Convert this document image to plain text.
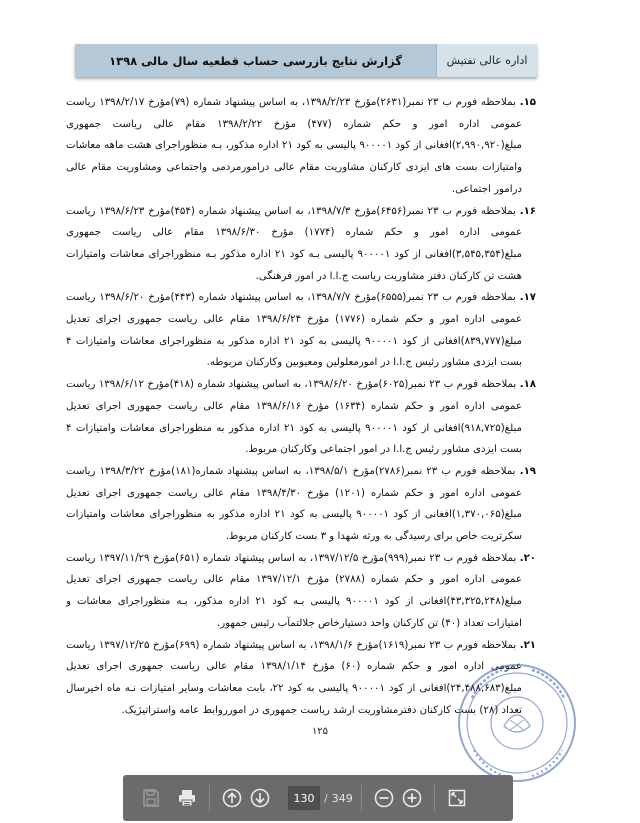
اداره عالی تفتیش
گزارش نتایج بازرسی حساب قطعیه سال مالی ۱۳۹۸

۱۵. بملاحظه فورم ب ۲۳ نمبر(۲۶۳۱)مؤرخ ۱۳۹۸/۲/۲۳، به اساس پیشنهاد شماره (۷۹)مؤرخ ۱۳۹۸/۲/۱۷ ریاست عمومی اداره امور و حکم شماره (۴۷۷) مؤرخ ۱۳۹۸/۲/۲۲ مقام عالی ریاست جمهوری مبلغ(۲,۹۹۰,۹۲۰)افغانی از کود ۹۰۰۰۰۱ پالیسی به کود ۲۱ اداره مذکور، بـه منظوراجرای هشت ماهه معاشات وامتیازات بست های ایزدی کارکنان مشاوریت مقام عالی درامورمردمی واجتماعی ومشاوریت مقام عالی درامور اجتماعی.

۱۶. بملاحظه فورم ب ۲۳ نمبر(۶۴۵۶)مؤرخ ۱۳۹۸/۷/۳، به اساس پیشنهاد شماره (۴۵۴)مؤرخ ۱۳۹۸/۶/۲۳ ریاست عمومی اداره امور و حکم شماره (۱۷۷۴) مؤرخ ۱۳۹۸/۶/۳۰ مقام عالی ریاست جمهوری مبلغ(۳,۵۴۵,۳۵۴)افغانی از کود ۹۰۰۰۰۱ پالیسی بـه کود ۲۱ اداره مذکور بـه منظوراجرای معاشات وامتیازات هشت تن کارکنان دفتر مشاوریت ریاست ج.ا.ا در امور فرهنگی.

۱۷. بملاحظه فورم ب ۲۳ نمبر(۶۵۵۵)مؤرخ ۱۳۹۸/۷/۷، به اساس پیشنهاد شماره (۴۴۳)مؤرخ ۱۳۹۸/۶/۲۰ ریاست عمومی اداره امور و حکم شماره (۱۷۷۶) مؤرخ ۱۳۹۸/۶/۲۴ مقام عالی ریاست جمهوری اجرای تعدیل مبلغ(۸۳۹,۷۷۷)افغانی از کود ۹۰۰۰۰۱ پالیسی به کود ۲۱ اداره مذکور به منظوراجرای معاشات وامتیازات ۴ بست ایزدی مشاور رئیس ج.ا.ا در امورمعلولین ومعیوبین وکارکنان مربوطه.

۱۸. بملاحظه فورم ب ۲۳ نمبر(۶۰۲۵)مؤرخ ۱۳۹۸/۶/۲۰، به اساس پیشنهاد شماره (۴۱۸)مؤرخ ۱۳۹۸/۶/۱۲ ریاست عمومی اداره امور و حکم شماره (۱۶۳۴) مؤرخ ۱۳۹۸/۶/۱۶ مقام عالی ریاست جمهوری اجرای تعدیل مبلغ(۹۱۸,۷۲۵)افغانی از کود ۹۰۰۰۰۱ پالیسی به کود ۲۱ اداره مذکور به منظوراجرای معاشات وامتیازات ۴ بست ایزدی مشاور رئیس ج.ا.ا در امور اجتماعی وکارکنان مربوط.

۱۹. بملاحظه فورم ب ۲۳ نمبر(۲۷۸۶)مؤرخ ۱۳۹۸/۵/۱، به اساس پیشنهاد شماره(۱۸۱)مؤرخ ۱۳۹۸/۳/۲۲ ریاست عمومی اداره امور و حکم شماره (۱۲۰۱) مؤرخ ۱۳۹۸/۴/۳۰ مقام عالی ریاست جمهوری اجرای تعدیل مبلغ(۱,۳۷۰,۰۶۵)افغانی از کود ۹۰۰۰۰۱ پالیسی به کود ۲۱ اداره مذکور به منظوراجرای معاشات وامتیازات سکرتریت خاص برای رسیدگی به ورثه شهدا و ۳ بست کارکنان مربوط.

۲۰. بملاحظه فورم ب ۲۳ نمبر(۹۹۹)مؤرخ ۱۳۹۷/۱۲/۵، به اساس پیشنهاد شماره (۶۵۱)مؤرخ ۱۳۹۷/۱۱/۲۹ ریاست عمومی اداره امور و حکم شماره (۲۷۸۸) مؤرخ ۱۳۹۷/۱۲/۱ مقام عالی ریاست جمهوری اجرای تعدیل مبلغ(۴۳,۳۲۵,۲۴۸)افغانی از کود ۹۰۰۰۰۱ پالیسی بـه کود ۲۱ اداره مذکور، بـه منظوراجرای معاشات و امتیازات تعداد (۴۰) تن کارکنان واحد دستیارخاص جلالتمآب رئیس جمهور.

۲۱. بملاحظه فورم ب ۲۳ نمبر(۱۶۱۹)مؤرخ ۱۳۹۸/۱/۶، به اساس پیشنهاد شماره (۶۹۹)مؤرخ ۱۳۹۷/۱۲/۲۵ ریاست عمومی اداره امور و حکم شماره (۶۰) مؤرخ ۱۳۹۸/۱/۱۴ مقام عالی ریاست جمهوری اجرای تعدیل مبلغ(۲۴,۴۸۸,۶۸۳)افغانی از کود ۹۰۰۰۰۱ پالیسی به کود ۲۲، بابت معاشات وسایر امتیازات نـه ماه اخیرسال تعداد (۲۸) بست کارکنان دفترمشاوریت ارشد ریاست جمهوری در امورروابط عامه واستراتیژیک.

۱۲۵
130
/ 349
